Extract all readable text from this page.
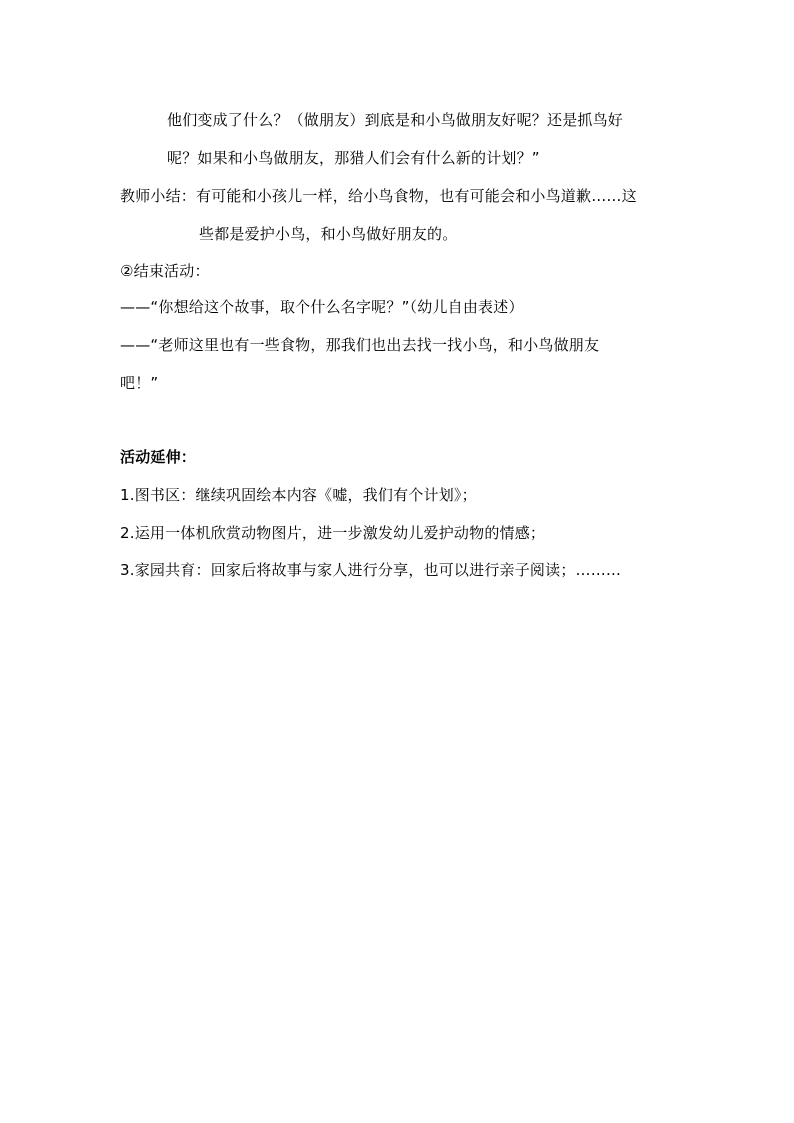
他们变成了什么？（做朋友）到底是和小鸟做朋友好呢？还是抓鸟好
呢？如果和小鸟做朋友，那猎人们会有什么新的计划？”
教师小结：有可能和小孩儿一样，给小鸟食物，也有可能会和小鸟道歉……这
些都是爱护小鸟，和小鸟做好朋友的。
②结束活动：
——“你想给这个故事，取个什么名字呢？”（幼儿自由表述）
——“老师这里也有一些食物，那我们也出去找一找小鸟，和小鸟做朋友
吧！”
活动延伸：
1.图书区：继续巩固绘本内容《嘘，我们有个计划》；
2.运用一体机欣赏动物图片，进一步激发幼儿爱护动物的情感；
3.家园共育：回家后将故事与家人进行分享，也可以进行亲子阅读；………
